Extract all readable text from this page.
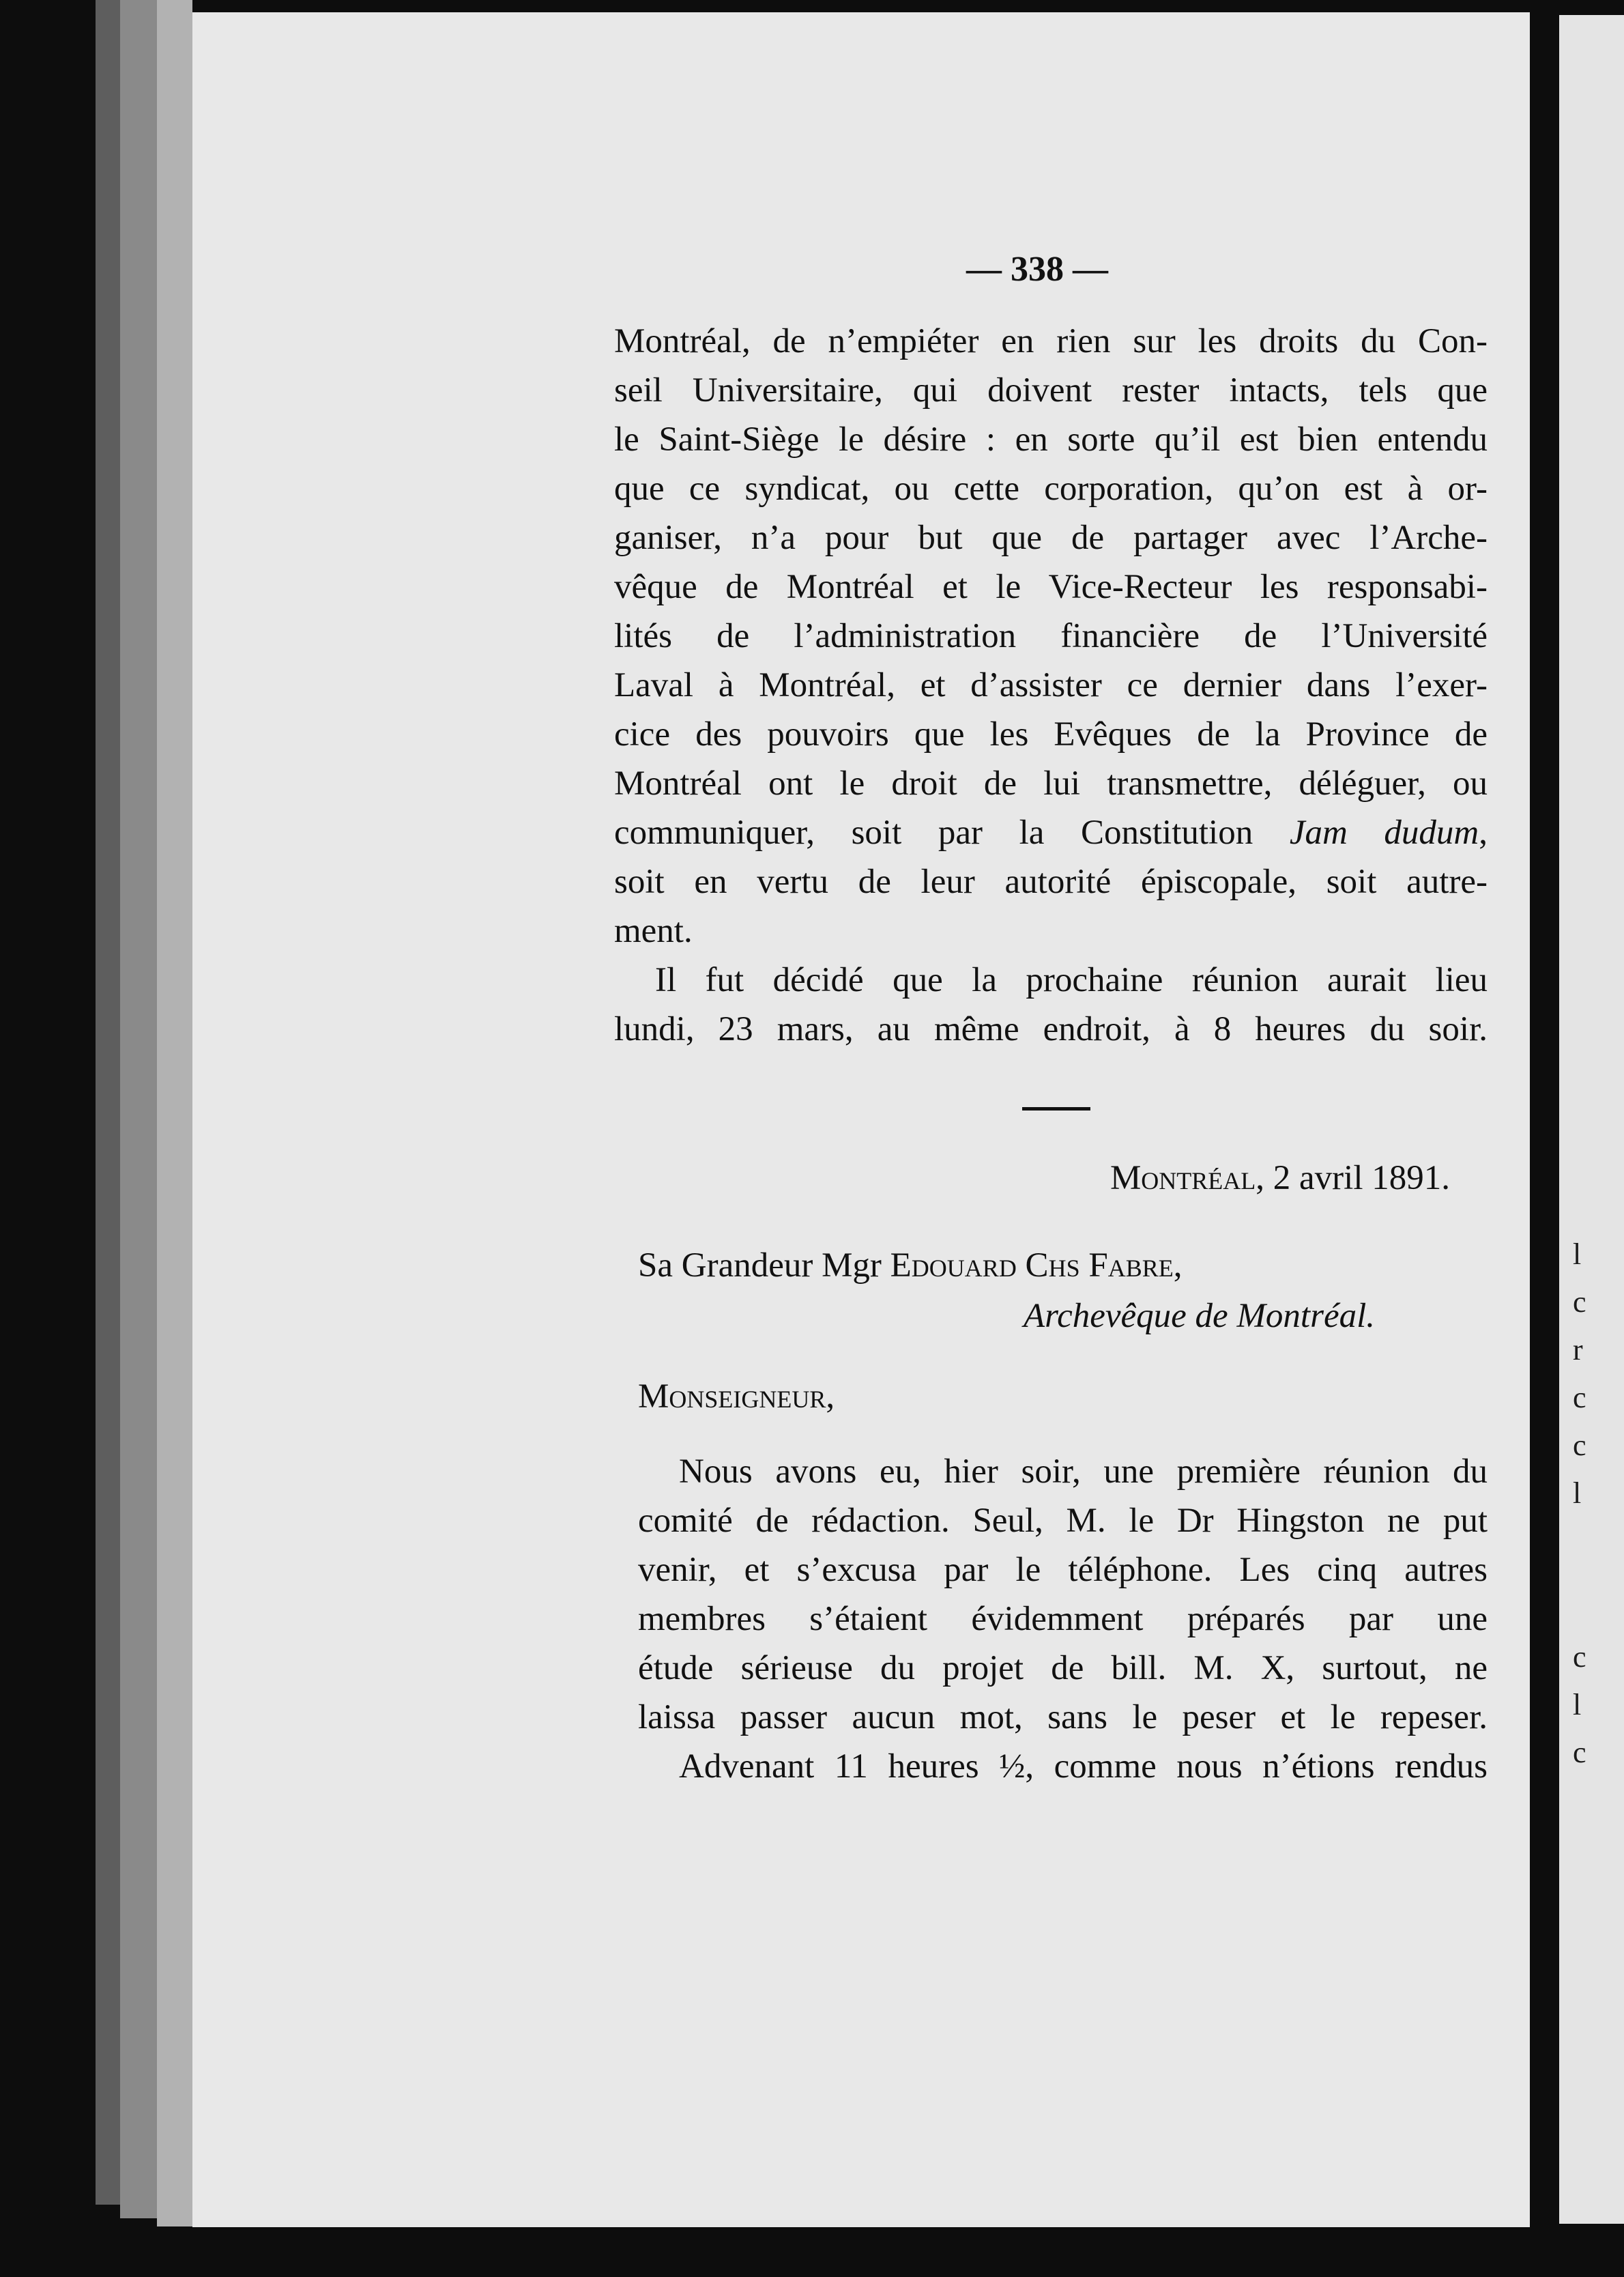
l
c
r
c
c
l
c
l
c
— 338 —
Montréal, de n’empiéter en rien sur les droits du Con-
seil Universitaire, qui doivent rester intacts, tels que
le Saint-Siège le désire : en sorte qu’il est bien entendu
que ce syndicat, ou cette corporation, qu’on est à or-
ganiser, n’a pour but que de partager avec l’Arche-
vêque de Montréal et le Vice-Recteur les responsabi-
lités de l’administration financière de l’Université
Laval à Montréal, et d’assister ce dernier dans l’exer-
cice des pouvoirs que les Evêques de la Province de
Montréal ont le droit de lui transmettre, déléguer, ou
communiquer, soit par la Constitution Jam dudum,
soit en vertu de leur autorité épiscopale, soit autre-
ment.
Il fut décidé que la prochaine réunion aurait lieu
lundi, 23 mars, au même endroit, à 8 heures du soir.
Montréal, 2 avril 1891.
Sa Grandeur Mgr Edouard Chs Fabre,
Archevêque de Montréal.
Monseigneur,
Nous avons eu, hier soir, une première réunion du
comité de rédaction. Seul, M. le Dr Hingston ne put
venir, et s’excusa par le téléphone. Les cinq autres
membres s’étaient évidemment préparés par une
étude sérieuse du projet de bill. M. X, surtout, ne
laissa passer aucun mot, sans le peser et le repeser.
Advenant 11 heures ½, comme nous n’étions rendus
